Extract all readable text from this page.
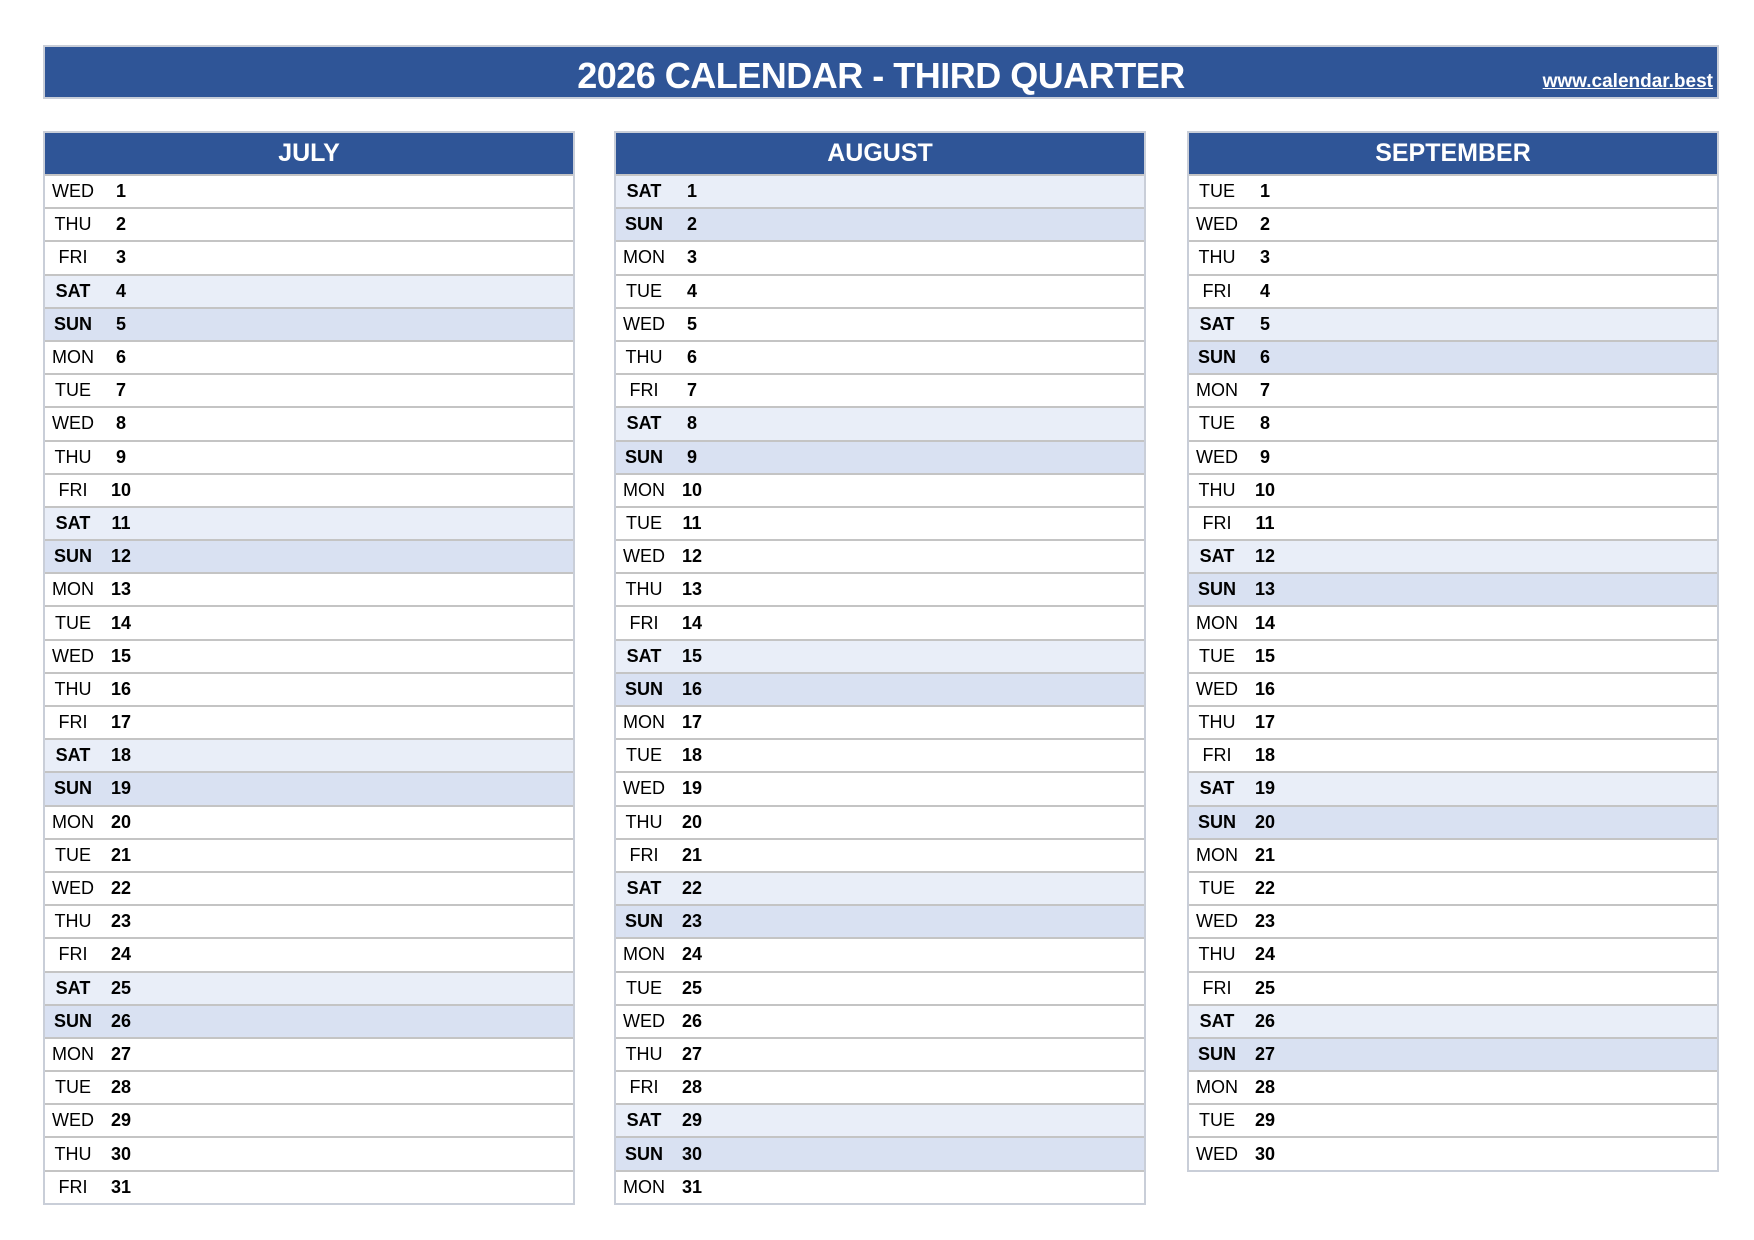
2026 CALENDAR - THIRD QUARTER	www.calendar.best
JULY
WED	1
THU	2
FRI	3
SAT	4
SUN	5
MON	6
TUE	7
WED	8
THU	9
FRI	10
SAT	11
SUN	12
MON 13
TUE	14
WED 15
THU	16
FRI	17
SAT	18
SUN	19
MON 20
TUE	21
WED 22
THU	23
FRI	24
SAT	25
SUN	26
MON 27
TUE	28
WED 29
THU	30
FRI	31
AUGUST
SAT	1
SUN	2
MON	3
TUE	4
WED	5
THU	6
FRI	7
SAT	8
SUN	9
MON 10
TUE	11
WED 12
THU	13
FRI	14
SAT	15
SUN	16
MON 17
TUE	18
WED 19
THU	20
FRI	21
SAT	22
SUN	23
MON 24
TUE	25
WED 26
THU	27
FRI	28
SAT	29
SUN	30
MON 31
SEPTEMBER
TUE	1
WED	2
THU	3
FRI	4
SAT	5
SUN	6
MON	7
TUE	8
WED	9
THU	10
FRI	11
SAT	12
SUN	13
MON 14
TUE	15
WED 16
THU	17
FRI	18
SAT	19
SUN	20
MON 21
TUE	22
WED 23
THU	24
FRI	25
SAT	26
SUN	27
MON 28
TUE	29
WED 30
